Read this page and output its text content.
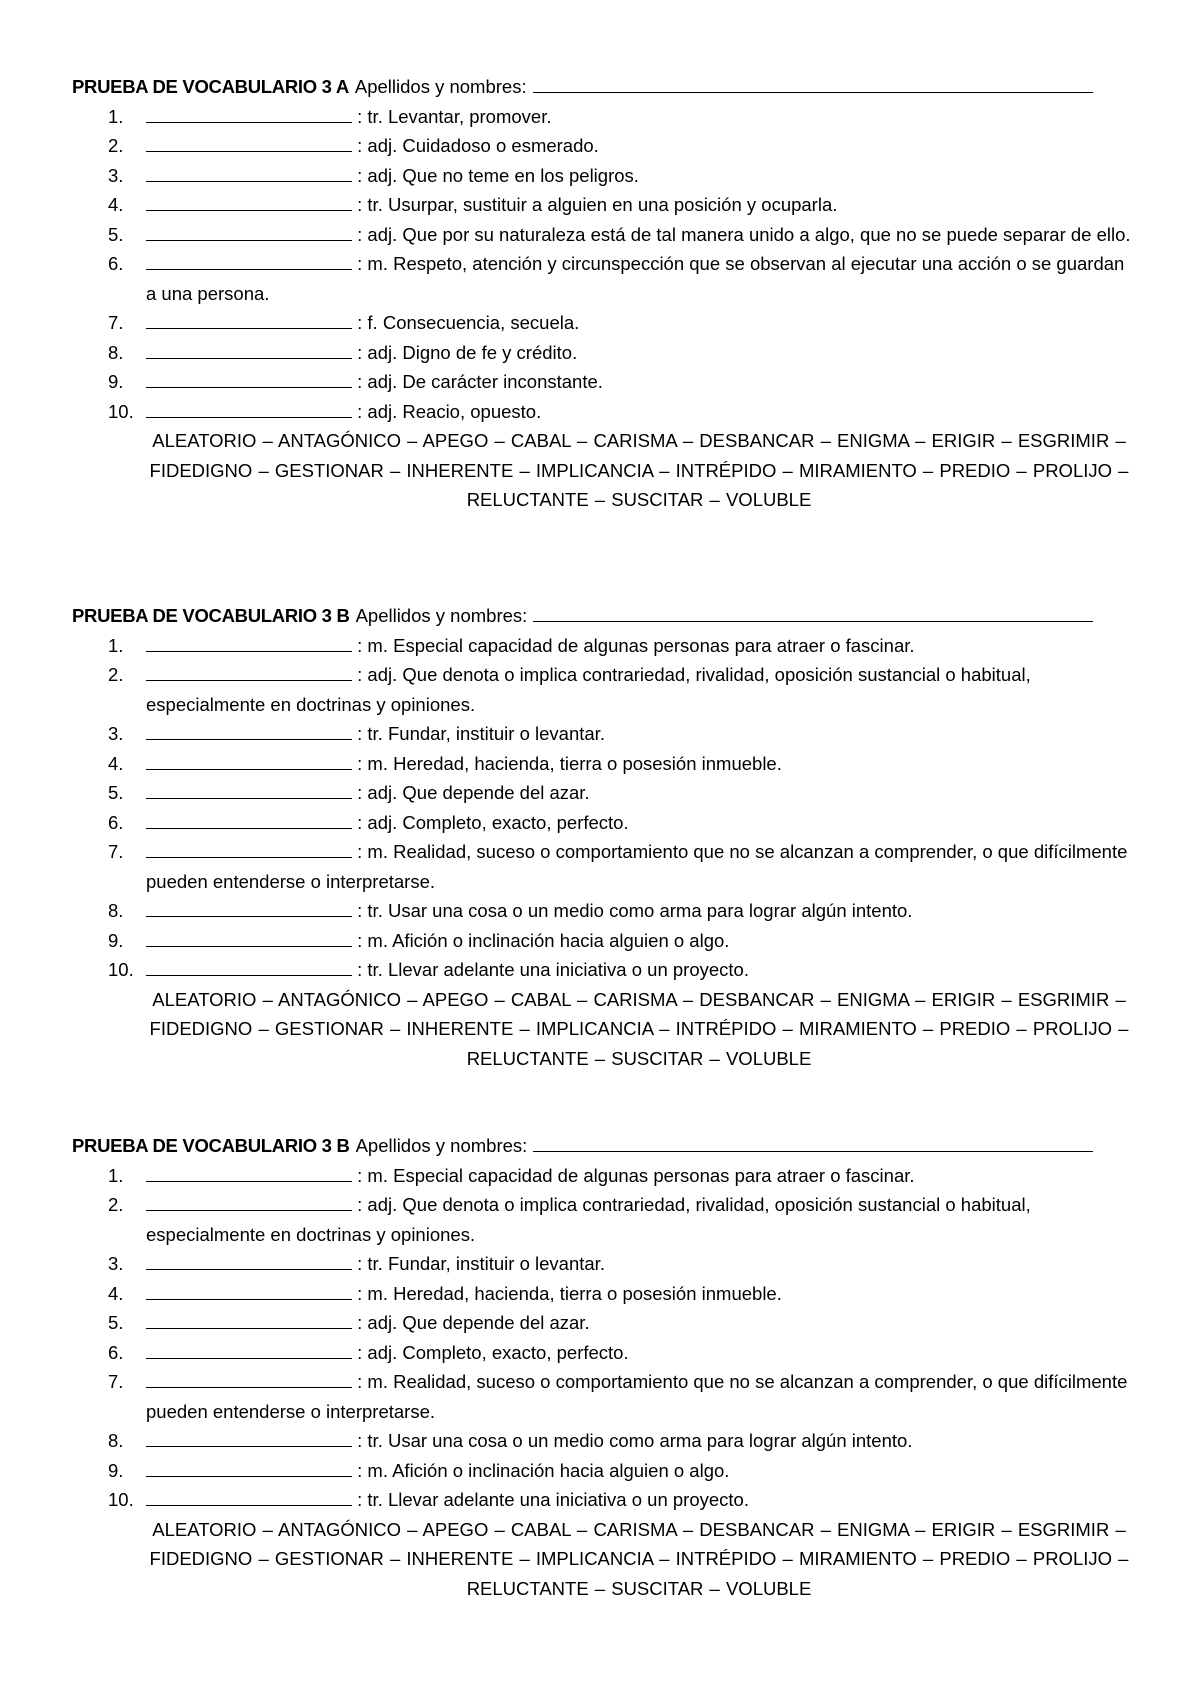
PRUEBA DE VOCABULARIO 3 A Apellidos y nombres:
1.	: tr. Levantar, promover.
2.	: adj. Cuidadoso o esmerado.
3.	: adj. Que no teme en los peligros.
4.	: tr. Usurpar, sustituir a alguien en una posición y ocuparla.
5.	: adj. Que por su naturaleza está de tal manera unido a algo, que no se puede separar de ello.
6.	: m. Respeto, atención y circunspección que se observan al ejecutar una acción o se guardan a una persona.
7.	: f. Consecuencia, secuela.
8.	: adj. Digno de fe y crédito.
9.	: adj. De carácter inconstante.
10.	: adj. Reacio, opuesto.
ALEATORIO – ANTAGÓNICO – APEGO – CABAL – CARISMA – DESBANCAR – ENIGMA – ERIGIR – ESGRIMIR –
FIDEDIGNO – GESTIONAR – INHERENTE – IMPLICANCIA – INTRÉPIDO – MIRAMIENTO – PREDIO – PROLIJO –
RELUCTANTE – SUSCITAR – VOLUBLE
PRUEBA DE VOCABULARIO 3 B Apellidos y nombres:
1.	: m. Especial capacidad de algunas personas para atraer o fascinar.
2.	: adj. Que denota o implica contrariedad, rivalidad, oposición sustancial o habitual, especialmente en doctrinas y opiniones.
3.	: tr. Fundar, instituir o levantar.
4.	: m. Heredad, hacienda, tierra o posesión inmueble.
5.	: adj. Que depende del azar.
6.	: adj. Completo, exacto, perfecto.
7.	: m. Realidad, suceso o comportamiento que no se alcanzan a comprender, o que difícilmente pueden entenderse o interpretarse.
8.	: tr. Usar una cosa o un medio como arma para lograr algún intento.
9.	: m. Afición o inclinación hacia alguien o algo.
10.	: tr. Llevar adelante una iniciativa o un proyecto.
ALEATORIO – ANTAGÓNICO – APEGO – CABAL – CARISMA – DESBANCAR – ENIGMA – ERIGIR – ESGRIMIR –
FIDEDIGNO – GESTIONAR – INHERENTE – IMPLICANCIA – INTRÉPIDO – MIRAMIENTO – PREDIO – PROLIJO –
RELUCTANTE – SUSCITAR – VOLUBLE
PRUEBA DE VOCABULARIO 3 B Apellidos y nombres:
1.	: m. Especial capacidad de algunas personas para atraer o fascinar.
2.	: adj. Que denota o implica contrariedad, rivalidad, oposición sustancial o habitual, especialmente en doctrinas y opiniones.
3.	: tr. Fundar, instituir o levantar.
4.	: m. Heredad, hacienda, tierra o posesión inmueble.
5.	: adj. Que depende del azar.
6.	: adj. Completo, exacto, perfecto.
7.	: m. Realidad, suceso o comportamiento que no se alcanzan a comprender, o que difícilmente pueden entenderse o interpretarse.
8.	: tr. Usar una cosa o un medio como arma para lograr algún intento.
9.	: m. Afición o inclinación hacia alguien o algo.
10.	: tr. Llevar adelante una iniciativa o un proyecto.
ALEATORIO – ANTAGÓNICO – APEGO – CABAL – CARISMA – DESBANCAR – ENIGMA – ERIGIR – ESGRIMIR –
FIDEDIGNO – GESTIONAR – INHERENTE – IMPLICANCIA – INTRÉPIDO – MIRAMIENTO – PREDIO – PROLIJO –
RELUCTANTE – SUSCITAR – VOLUBLE
